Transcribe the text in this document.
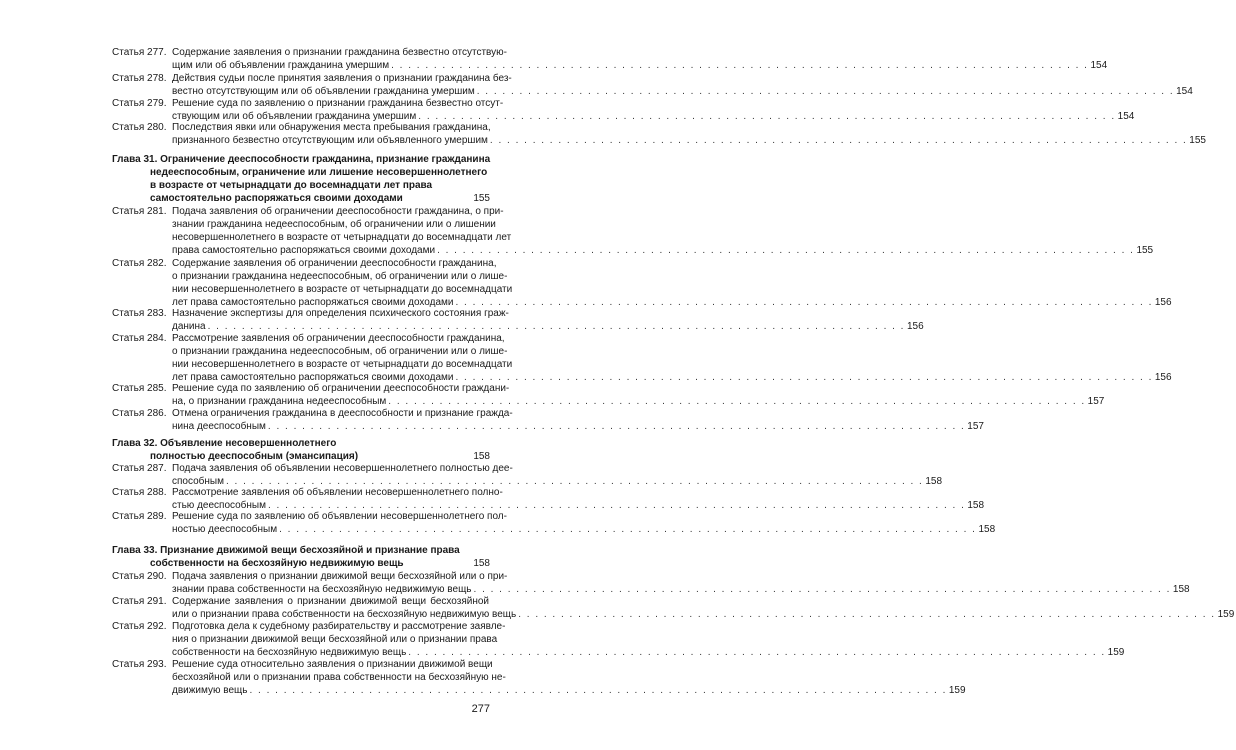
Статья 277. Содержание заявления о признании гражданина безвестно отсутствую-
щим или об объявлении гражданина умершим . . .	154
Статья 278. Действия судьи после принятия заявления о признании гражданина без-
вестно отсутствующим или об объявлении гражданина умершим . . .	154
Статья 279. Решение суда по заявлению о признании гражданина безвестно отсут-
ствующим или об объявлении гражданина умершим . . .	154
Статья 280. Последствия явки или обнаружения места пребывания гражданина,
признанного безвестно отсутствующим или объявленного умершим . . .	155
Глава 31. Ограничение дееспособности гражданина, признание гражданина
недееспособным, ограничение или лишение несовершеннолетнего
в возрасте от четырнадцати до восемнадцати лет права
самостоятельно распоряжаться своими доходами	155
Статья 281. Подача заявления об ограничении дееспособности гражданина, о при-
знании гражданина недееспособным, об ограничении или о лишении
несовершеннолетнего в возрасте от четырнадцати до восемнадцати лет
права самостоятельно распоряжаться своими доходами . . .	155
Статья 282. Содержание заявления об ограничении дееспособности гражданина,
о признании гражданина недееспособным, об ограничении или о лише-
нии несовершеннолетнего в возрасте от четырнадцати до восемнадцати
лет права самостоятельно распоряжаться своими доходами . . .	156
Статья 283. Назначение экспертизы для определения психического состояния граж-
данина . . .	156
Статья 284. Рассмотрение заявления об ограничении дееспособности гражданина,
о признании гражданина недееспособным, об ограничении или о лише-
нии несовершеннолетнего в возрасте от четырнадцати до восемнадцати
лет права самостоятельно распоряжаться своими доходами . . .	156
Статья 285. Решение суда по заявлению об ограничении дееспособности граждани-
на, о признании гражданина недееспособным . . .	157
Статья 286. Отмена ограничения гражданина в дееспособности и признание гражда-
нина дееспособным . . .	157
Глава 32. Объявление несовершеннолетнего
полностью дееспособным (эмансипация)	158
Статья 287. Подача заявления об объявлении несовершеннолетнего полностью дее-
способным . . .	158
Статья 288. Рассмотрение заявления об объявлении несовершеннолетнего полно-
стью дееспособным . . .	158
Статья 289. Решение суда по заявлению об объявлении несовершеннолетнего пол-
ностью дееспособным . . .	158
Глава 33. Признание движимой вещи бесхозяйной и признание права
собственности на бесхозяйную недвижимую вещь	158
Статья 290. Подача заявления о признании движимой вещи бесхозяйной или о при-
знании права собственности на бесхозяйную недвижимую вещь . . .	158
Статья 291. Содержание заявления о признании движимой вещи бесхозяйной
или о признании права собственности на бесхозяйную недвижимую вещь . . .	159
Статья 292. Подготовка дела к судебному разбирательству и рассмотрение заявле-
ния о признании движимой вещи бесхозяйной или о признании права
собственности на бесхозяйную недвижимую вещь . . .	159
Статья 293. Решение суда относительно заявления о признании движимой вещи
бесхозяйной или о признании права собственности на бесхозяйную не-
движимую вещь . . .	159
277
